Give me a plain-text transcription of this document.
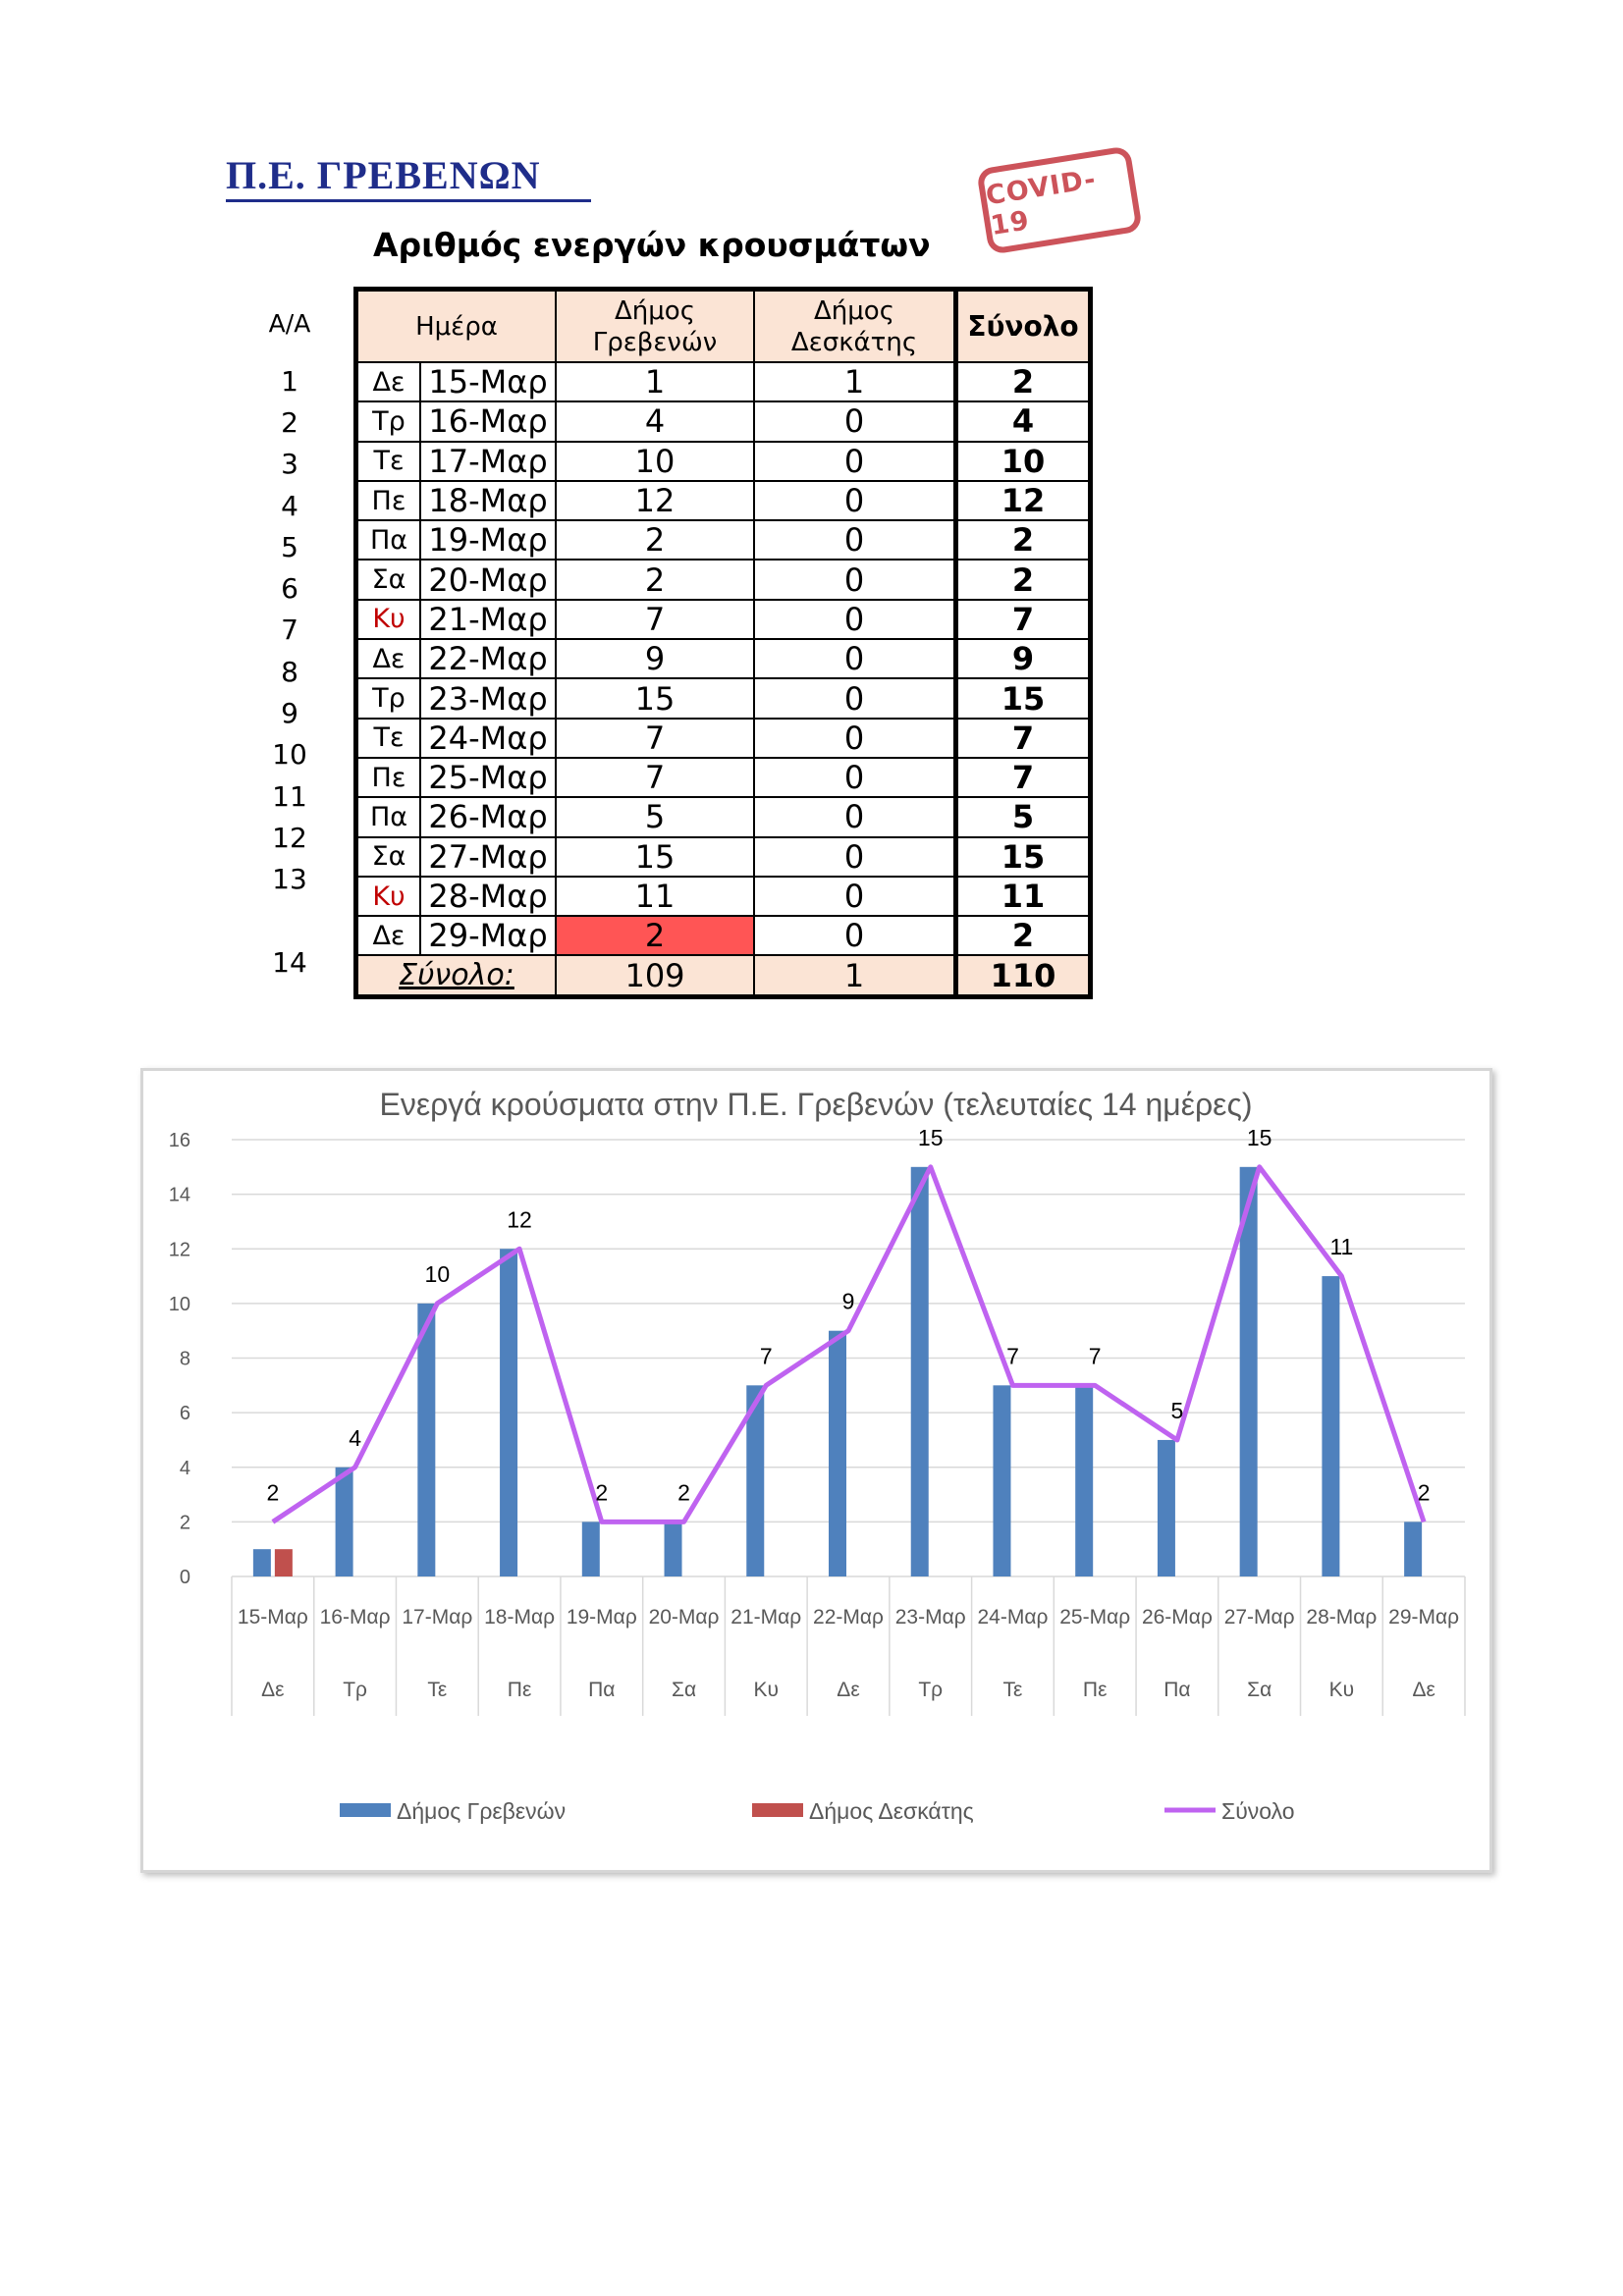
Π.Ε. ΓΡΕΒΕΝΩΝ
Αριθμός ενεργών κρουσμάτων
COVID-19
Α/Α
1
2
3
4
5
6
7
8
9
10
11
12
13
14
Ημέρα		Δήμος Γρεβενών	Δήμος Δεσκάτης	Σύνολο
Δε	15-Μαρ	1	1	2
Τρ	16-Μαρ	4	0	4
Τε	17-Μαρ	10	0	10
Πε	18-Μαρ	12	0	12
Πα	19-Μαρ	2	0	2
Σα	20-Μαρ	2	0	2
Κυ	21-Μαρ	7	0	7
Δε	22-Μαρ	9	0	9
Τρ	23-Μαρ	15	0	15
Τε	24-Μαρ	7	0	7
Πε	25-Μαρ	7	0	7
Πα	26-Μαρ	5	0	5
Σα	27-Μαρ	15	0	15
Κυ	28-Μαρ	11	0	11
Δε	29-Μαρ	2	0	2
Σύνολο:		109	1	110
Ενεργά κρούσματα στην Π.Ε. Γρεβενών (τελευταίες 14 ημέρες)
0
2
4
6
8
10
12
14
16
15-Μαρ
Δε
16-Μαρ
Τρ
17-Μαρ
Τε
18-Μαρ
Πε
19-Μαρ
Πα
20-Μαρ
Σα
21-Μαρ
Κυ
22-Μαρ
Δε
23-Μαρ
Τρ
24-Μαρ
Τε
25-Μαρ
Πε
26-Μαρ
Πα
27-Μαρ
Σα
28-Μαρ
Κυ
29-Μαρ
Δε
2
4
10
12
2	2
7
9
15
7	7
5
15
11
2
Δήμος Γρεβενών	Δήμος Δεσκάτης	Σύνολο
